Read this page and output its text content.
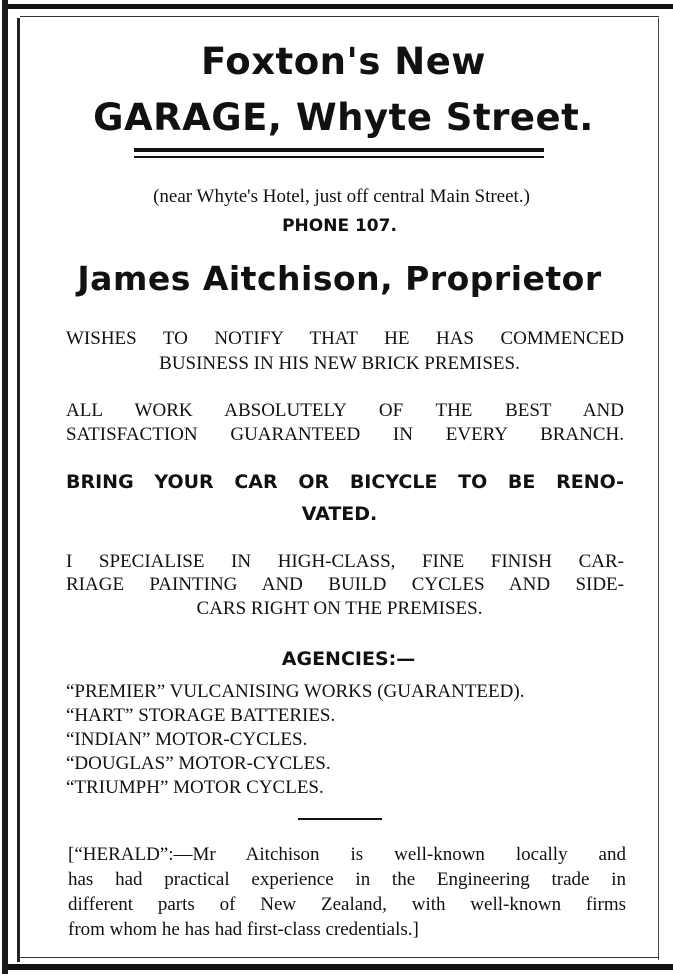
Foxton's New
GARAGE, Whyte Street.
(near Whyte's Hotel, just off central Main Street.)
PHONE 107.
James Aitchison, Proprietor
WISHES TO NOTIFY THAT HE HAS COMMENCED
BUSINESS IN HIS NEW BRICK PREMISES.
ALL WORK ABSOLUTELY OF THE BEST AND
SATISFACTION GUARANTEED IN EVERY BRANCH.
BRING YOUR CAR OR BICYCLE TO BE RENO-
VATED.
I SPECIALISE IN HIGH-CLASS, FINE FINISH CAR-
RIAGE PAINTING AND BUILD CYCLES AND SIDE-
CARS RIGHT ON THE PREMISES.
AGENCIES:—
“PREMIER” VULCANISING WORKS (GUARANTEED).
“HART” STORAGE BATTERIES.
“INDIAN” MOTOR-CYCLES.
“DOUGLAS” MOTOR-CYCLES.
“TRIUMPH” MOTOR CYCLES.
[“HERALD”:—Mr Aitchison is well-known locally and
has had practical experience in the Engineering trade in
different parts of New Zealand, with well-known firms
from whom he has had first-class credentials.]
